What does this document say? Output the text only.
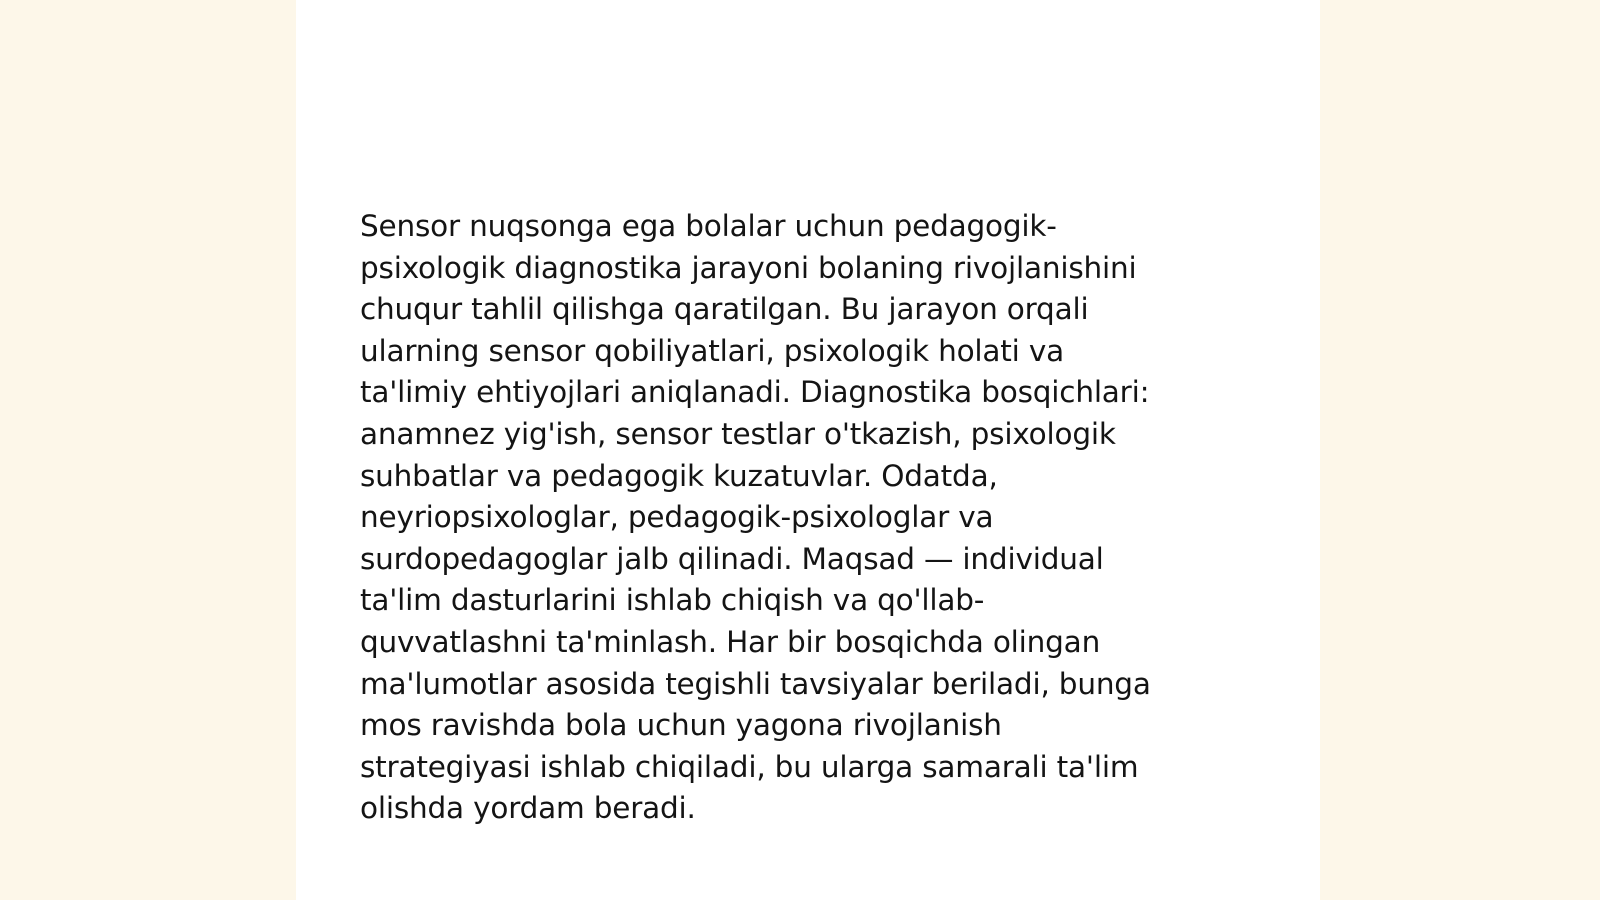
Sensor nuqsonga ega bolalar uchun pedagogik-
psixologik diagnostika jarayoni bolaning rivojlanishini
chuqur tahlil qilishga qaratilgan. Bu jarayon orqali
ularning sensor qobiliyatlari, psixologik holati va
ta'limiy ehtiyojlari aniqlanadi. Diagnostika bosqichlari:
anamnez yig'ish, sensor testlar o'tkazish, psixologik
suhbatlar va pedagogik kuzatuvlar. Odatda,
neyriopsixologlar, pedagogik-psixologlar va
surdopedagoglar jalb qilinadi. Maqsad — individual
ta'lim dasturlarini ishlab chiqish va qo'llab-
quvvatlashni ta'minlash. Har bir bosqichda olingan
ma'lumotlar asosida tegishli tavsiyalar beriladi, bunga
mos ravishda bola uchun yagona rivojlanish
strategiyasi ishlab chiqiladi, bu ularga samarali ta'lim
olishda yordam beradi.
